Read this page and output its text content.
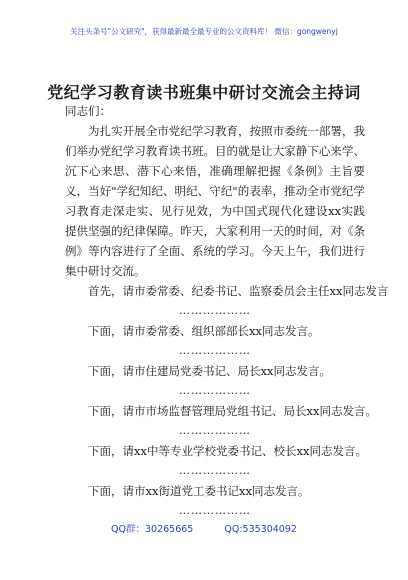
关注头条号"公文研究"，获得最新最全最专业的公文资料库！ 微信：gongwenyj
党纪学习教育读书班集中研讨交流会主持词

同志们：

为扎实开展全市党纪学习教育，按照市委统一部署，我们举办党纪学习教育读书班。目的就是让大家静下心来学、沉下心来思、潜下心来悟，准确理解把握《条例》主旨要义，当好"学纪知纪、明纪、守纪"的表率，推动全市党纪学习教育走深走实、见行见效，为中国式现代化建设xx实践提供坚强的纪律保障。昨天，大家利用一天的时间，对《条例》等内容进行了全面、系统的学习。今天上午，我们进行集中研讨交流。

首先，请市委常委、纪委书记、监察委员会主任xx同志发言

………………

下面，请市委常委、组织部部长xx同志发言。

………………

下面，请市住建局党委书记、局长xx同志发言。

………………

下面，请市市场监督管理局党组书记、局长xx同志发言。

………………

下面，请xx中等专业学校党委书记、校长xx同志发言。

………………

下面，请市xx街道党工委书记xx同志发言。

………………

QQ群：30265665	QQ:535304092
